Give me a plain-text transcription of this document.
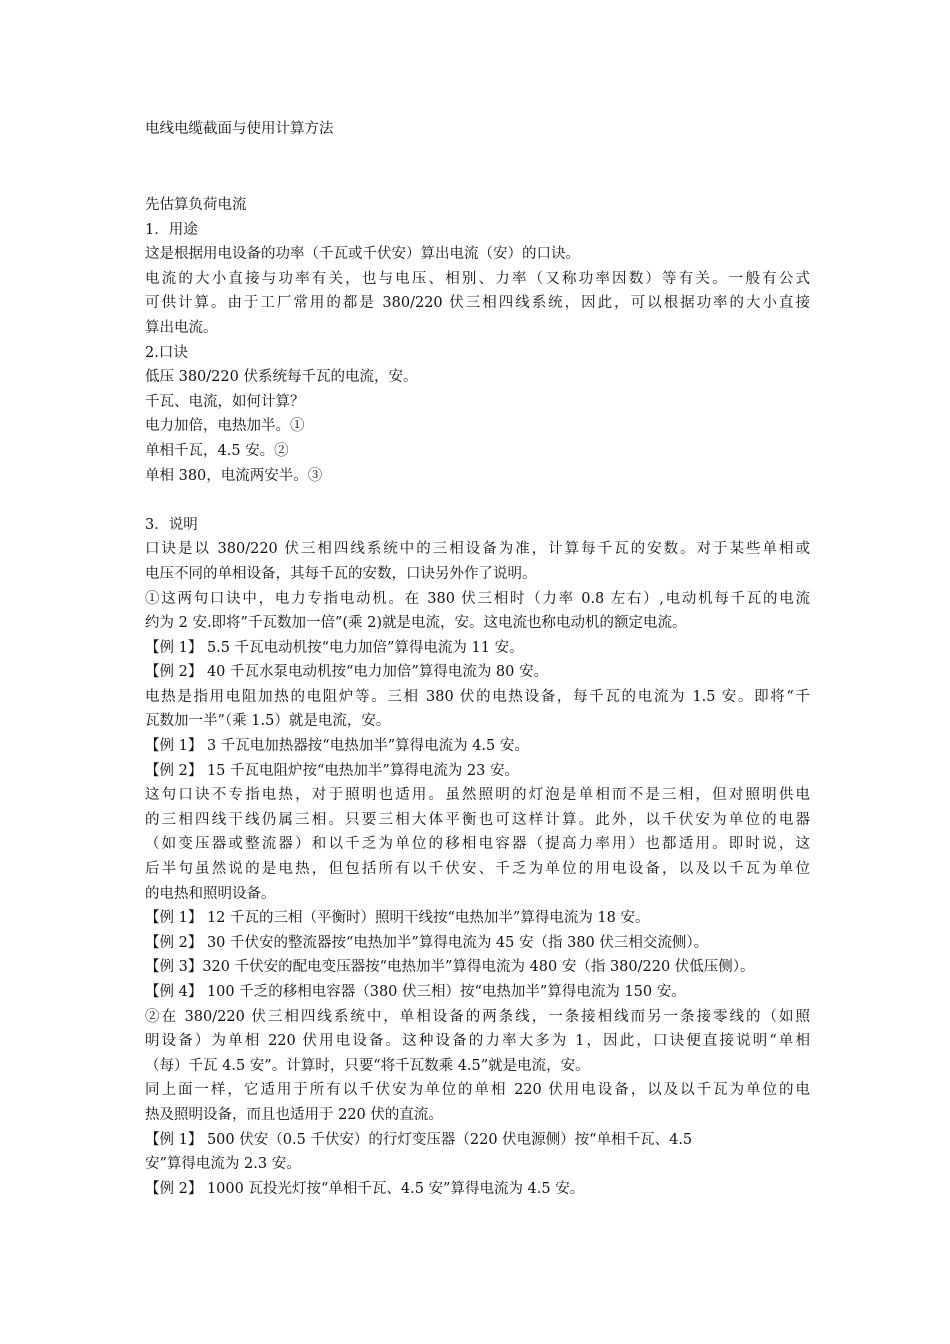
电线电缆截面与使用计算方法
先估算负荷电流
1．用途
这是根据用电设备的功率（千瓦或千伏安）算出电流（安）的口诀。
电流的大小直接与功率有关，也与电压、相别、力率（又称功率因数）等有关。一般有公式
可供计算。由于工厂常用的都是 380/220 伏三相四线系统，因此，可以根据功率的大小直接
算出电流。
2.口诀
低压 380/220 伏系统每千瓦的电流，安。
千瓦、电流，如何计算？
电力加倍，电热加半。①
单相千瓦，4.5 安。②
单相 380，电流两安半。③
3．说明
口诀是以 380/220 伏三相四线系统中的三相设备为准，计算每千瓦的安数。对于某些单相或
电压不同的单相设备，其每千瓦的安数，口诀另外作了说明。
①这两句口诀中，电力专指电动机。在 380 伏三相时（力率 0.8 左右）,电动机每千瓦的电流
约为 2 安.即将”千瓦数加一倍”(乘 2)就是电流，安。这电流也称电动机的额定电流。
【例 1】 5.5 千瓦电动机按“电力加倍”算得电流为 11 安。
【例 2】 40 千瓦水泵电动机按“电力加倍”算得电流为 80 安。
电热是指用电阻加热的电阻炉等。三相 380 伏的电热设备，每千瓦的电流为 1.5 安。即将“千
瓦数加一半”（乘 1.5）就是电流，安。
【例 1】 3 千瓦电加热器按“电热加半”算得电流为 4.5 安。
【例 2】 15 千瓦电阻炉按“电热加半”算得电流为 23 安。
这句口诀不专指电热，对于照明也适用。虽然照明的灯泡是单相而不是三相，但对照明供电
的三相四线干线仍属三相。只要三相大体平衡也可这样计算。此外，以千伏安为单位的电器
（如变压器或整流器）和以千乏为单位的移相电容器（提高力率用）也都适用。即时说，这
后半句虽然说的是电热，但包括所有以千伏安、千乏为单位的用电设备，以及以千瓦为单位
的电热和照明设备。
【例 1】 12 千瓦的三相（平衡时）照明干线按“电热加半”算得电流为 18 安。
【例 2】 30 千伏安的整流器按“电热加半”算得电流为 45 安（指 380 伏三相交流侧）。
【例 3】320 千伏安的配电变压器按“电热加半”算得电流为 480 安（指 380/220 伏低压侧）。
【例 4】 100 千乏的移相电容器（380 伏三相）按“电热加半”算得电流为 150 安。
②在 380/220 伏三相四线系统中，单相设备的两条线，一条接相线而另一条接零线的（如照
明设备）为单相 220 伏用电设备。这种设备的力率大多为 1，因此，口诀便直接说明“单相
（每）千瓦 4.5 安”。计算时，只要“将千瓦数乘 4.5”就是电流，安。
同上面一样，它适用于所有以千伏安为单位的单相 220 伏用电设备，以及以千瓦为单位的电
热及照明设备，而且也适用于 220 伏的直流。
【例 1】 500 伏安（0.5 千伏安）的行灯变压器（220 伏电源侧）按“单相千瓦、4.5
安”算得电流为 2.3 安。
【例 2】 1000 瓦投光灯按“单相千瓦、4.5 安”算得电流为 4.5 安。
